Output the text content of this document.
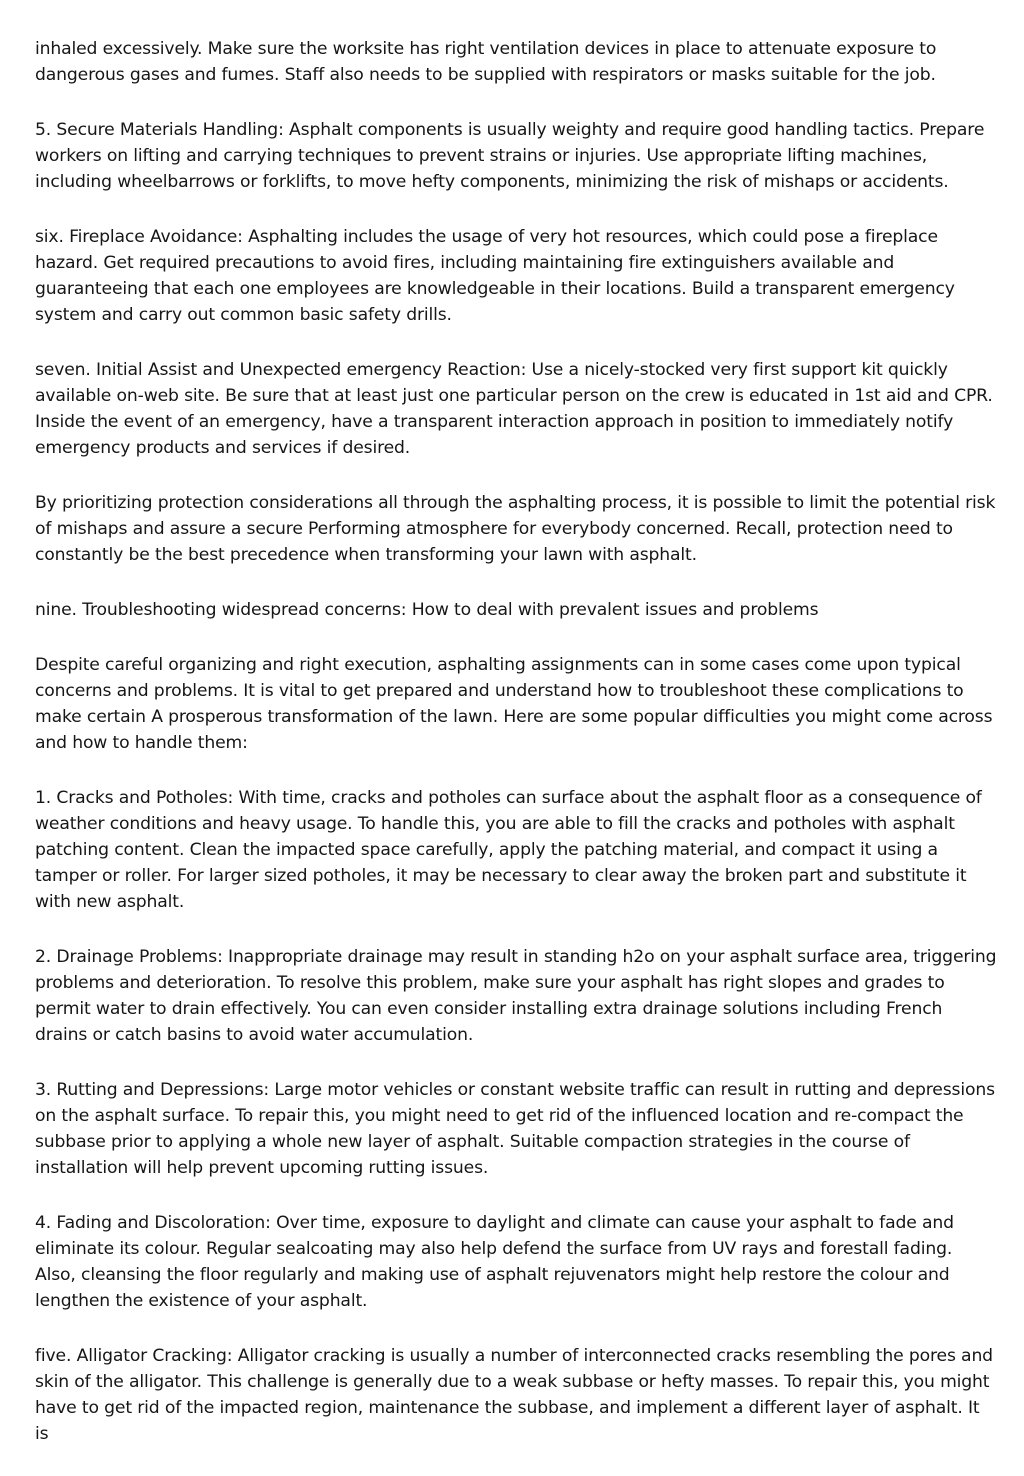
inhaled excessively. Make sure the worksite has right ventilation devices in place to attenuate exposure to dangerous gases and fumes. Staff also needs to be supplied with respirators or masks suitable for the job.

5. Secure Materials Handling: Asphalt components is usually weighty and require good handling tactics. Prepare workers on lifting and carrying techniques to prevent strains or injuries. Use appropriate lifting machines, including wheelbarrows or forklifts, to move hefty components, minimizing the risk of mishaps or accidents.

six. Fireplace Avoidance: Asphalting includes the usage of very hot resources, which could pose a fireplace hazard. Get required precautions to avoid fires, including maintaining fire extinguishers available and guaranteeing that each one employees are knowledgeable in their locations. Build a transparent emergency system and carry out common basic safety drills.

seven. Initial Assist and Unexpected emergency Reaction: Use a nicely-stocked very first support kit quickly available on-web site. Be sure that at least just one particular person on the crew is educated in 1st aid and CPR. Inside the event of an emergency, have a transparent interaction approach in position to immediately notify emergency products and services if desired.

By prioritizing protection considerations all through the asphalting process, it is possible to limit the potential risk of mishaps and assure a secure Performing atmosphere for everybody concerned. Recall, protection need to constantly be the best precedence when transforming your lawn with asphalt.

nine. Troubleshooting widespread concerns: How to deal with prevalent issues and problems

Despite careful organizing and right execution, asphalting assignments can in some cases come upon typical concerns and problems. It is vital to get prepared and understand how to troubleshoot these complications to make certain A prosperous transformation of the lawn. Here are some popular difficulties you might come across and how to handle them:

1. Cracks and Potholes: With time, cracks and potholes can surface about the asphalt floor as a consequence of weather conditions and heavy usage. To handle this, you are able to fill the cracks and potholes with asphalt patching content. Clean the impacted space carefully, apply the patching material, and compact it using a tamper or roller. For larger sized potholes, it may be necessary to clear away the broken part and substitute it with new asphalt.

2. Drainage Problems: Inappropriate drainage may result in standing h2o on your asphalt surface area, triggering problems and deterioration. To resolve this problem, make sure your asphalt has right slopes and grades to permit water to drain effectively. You can even consider installing extra drainage solutions including French drains or catch basins to avoid water accumulation.

3. Rutting and Depressions: Large motor vehicles or constant website traffic can result in rutting and depressions on the asphalt surface. To repair this, you might need to get rid of the influenced location and re-compact the subbase prior to applying a whole new layer of asphalt. Suitable compaction strategies in the course of installation will help prevent upcoming rutting issues.

4. Fading and Discoloration: Over time, exposure to daylight and climate can cause your asphalt to fade and eliminate its colour. Regular sealcoating may also help defend the surface from UV rays and forestall fading. Also, cleansing the floor regularly and making use of asphalt rejuvenators might help restore the colour and lengthen the existence of your asphalt.

five. Alligator Cracking: Alligator cracking is usually a number of interconnected cracks resembling the pores and skin of the alligator. This challenge is generally due to a weak subbase or hefty masses. To repair this, you might have to get rid of the impacted region, maintenance the subbase, and implement a different layer of asphalt. It is
